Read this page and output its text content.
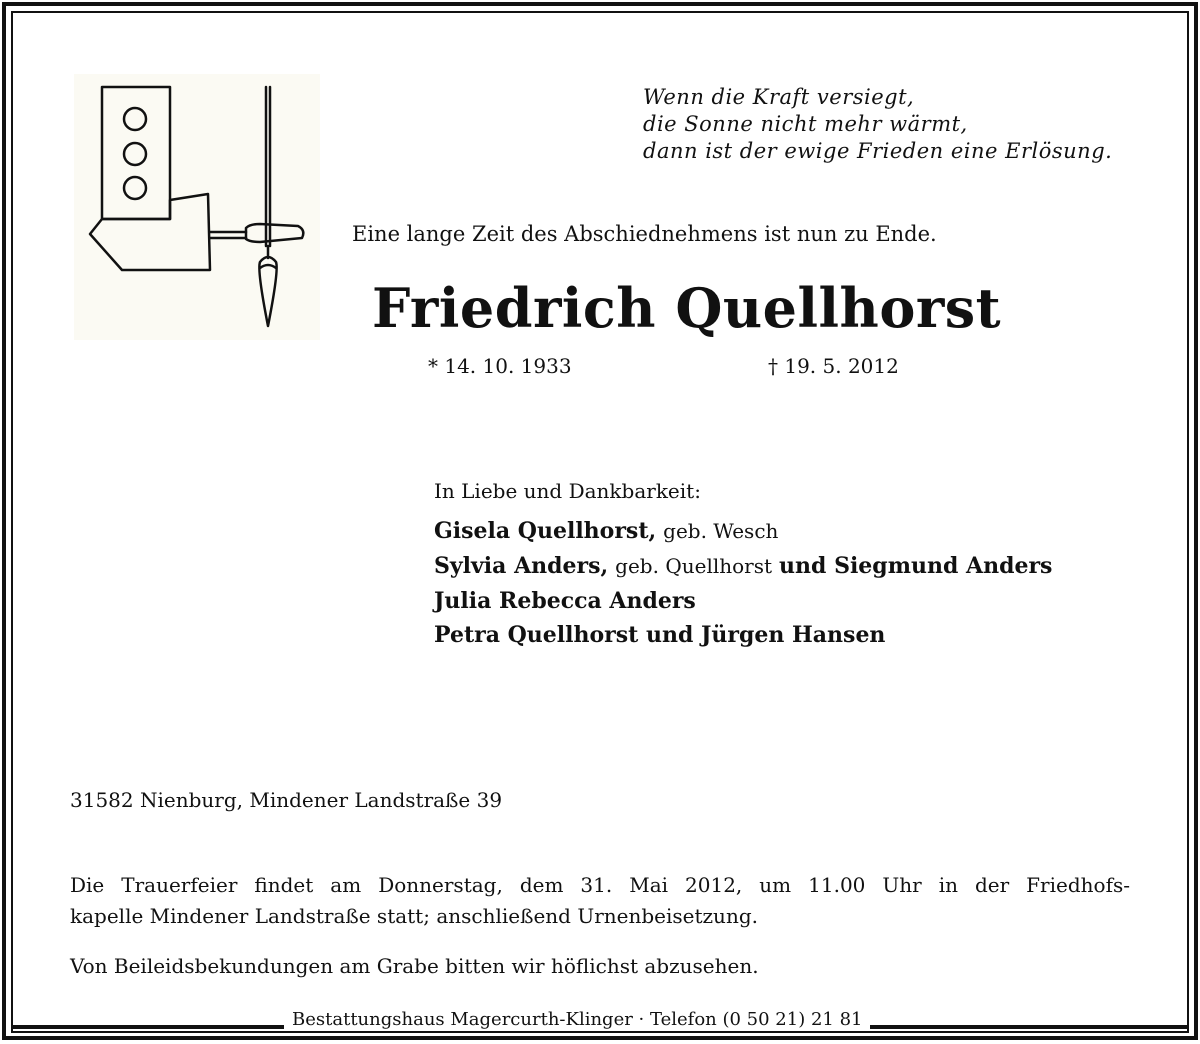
Wenn die Kraft versiegt,
die Sonne nicht mehr wärmt,
dann ist der ewige Frieden eine Erlösung.
Eine lange Zeit des Abschiednehmens ist nun zu Ende.
Friedrich Quellhorst
* 14. 10. 1933	† 19. 5. 2012
In Liebe und Dankbarkeit:
Gisela Quellhorst, geb. Wesch
Sylvia Anders, geb. Quellhorst und Siegmund Anders
Julia Rebecca Anders
Petra Quellhorst und Jürgen Hansen
31582 Nienburg, Mindener Landstraße 39
Die Trauerfeier findet am Donnerstag, dem 31. Mai 2012, um 11.00 Uhr in der Friedhofs-
kapelle Mindener Landstraße statt; anschließend Urnenbeisetzung.
Von Beileidsbekundungen am Grabe bitten wir höflichst abzusehen.
Bestattungshaus Magercurth-Klinger · Telefon (0 50 21) 21 81
